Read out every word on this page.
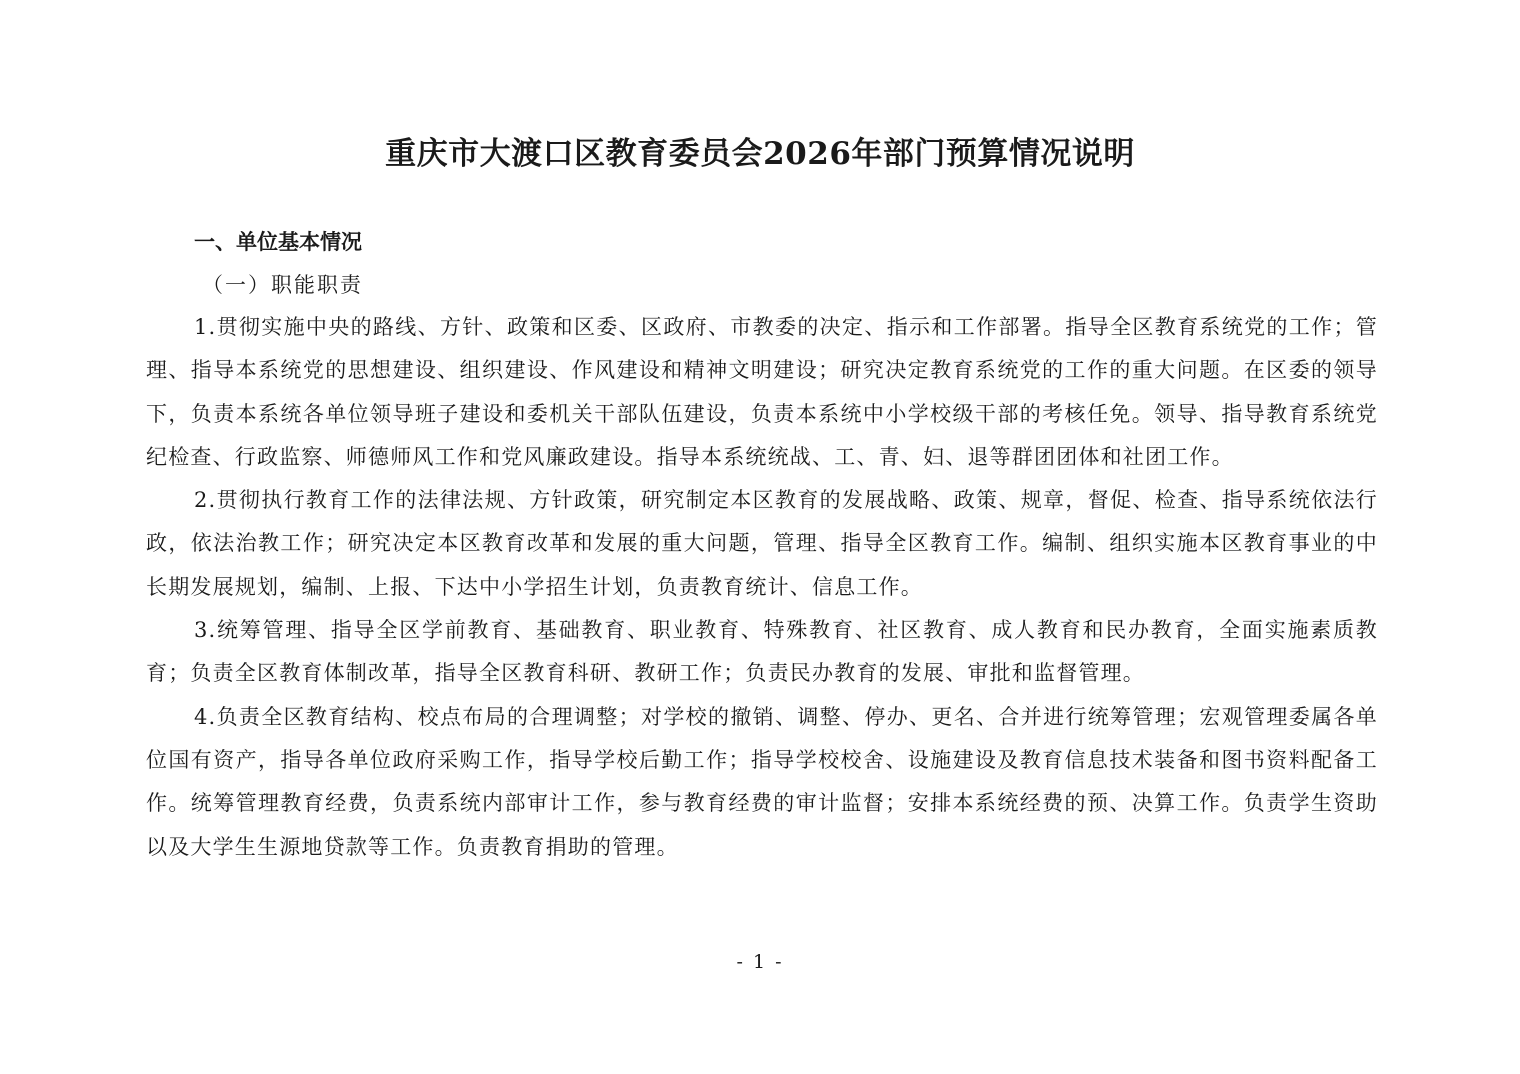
重庆市大渡口区教育委员会2026年部门预算情况说明

一、单位基本情况

（一）职能职责

1.贯彻实施中央的路线、方针、政策和区委、区政府、市教委的决定、指示和工作部署。指导全区教育系统党的工作；管理、指导本系统党的思想建设、组织建设、作风建设和精神文明建设；研究决定教育系统党的工作的重大问题。在区委的领导下，负责本系统各单位领导班子建设和委机关干部队伍建设，负责本系统中小学校级干部的考核任免。领导、指导教育系统党纪检查、行政监察、师德师风工作和党风廉政建设。指导本系统统战、工、青、妇、退等群团团体和社团工作。

2.贯彻执行教育工作的法律法规、方针政策，研究制定本区教育的发展战略、政策、规章，督促、检查、指导系统依法行政，依法治教工作；研究决定本区教育改革和发展的重大问题，管理、指导全区教育工作。编制、组织实施本区教育事业的中长期发展规划，编制、上报、下达中小学招生计划，负责教育统计、信息工作。

3.统筹管理、指导全区学前教育、基础教育、职业教育、特殊教育、社区教育、成人教育和民办教育，全面实施素质教育；负责全区教育体制改革，指导全区教育科研、教研工作；负责民办教育的发展、审批和监督管理。

4.负责全区教育结构、校点布局的合理调整；对学校的撤销、调整、停办、更名、合并进行统筹管理；宏观管理委属各单位国有资产，指导各单位政府采购工作，指导学校后勤工作；指导学校校舍、设施建设及教育信息技术装备和图书资料配备工作。统筹管理教育经费，负责系统内部审计工作，参与教育经费的审计监督；安排本系统经费的预、决算工作。负责学生资助以及大学生生源地贷款等工作。负责教育捐助的管理。

- 1 -
